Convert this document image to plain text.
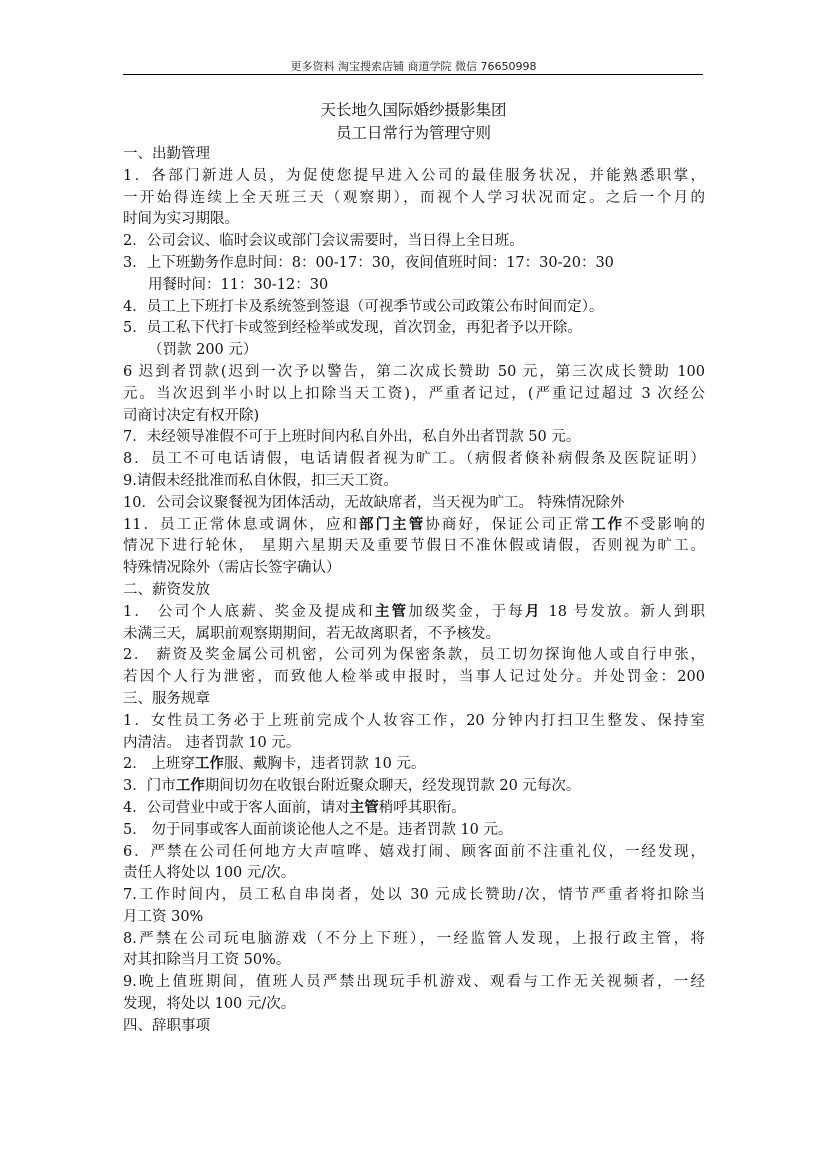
更多资料 淘宝搜索店铺 商道学院 微信 76650998
天长地久国际婚纱摄影集团
员工日常行为管理守则
一、出勤管理
1．各部门新进人员，为促使您提早进入公司的最佳服务状况，并能熟悉职掌，
一开始得连续上全天班三天（观察期），而视个人学习状况而定。之后一个月的
时间为实习期限。
2．公司会议、临时会议或部门会议需要时，当日得上全日班。
3．上下班勤务作息时间：8：00-17：30，夜间值班时间：17：30-20：30
用餐时间：11：30-12：30
4．员工上下班打卡及系统签到签退（可视季节或公司政策公布时间而定）。
5．员工私下代打卡或签到经检举或发现，首次罚金，再犯者予以开除。
（罚款 200 元）
6 迟到者罚款(迟到一次予以警告，第二次成长赞助 50 元，第三次成长赞助 100
元。当次迟到半小时以上扣除当天工资)，严重者记过，(严重记过超过 3 次经公
司商讨决定有权开除)
7．未经领导准假不可于上班时间内私自外出，私自外出者罚款 50 元。
8．员工不可电话请假，电话请假者视为旷工。（病假者倏补病假条及医院证明）
9.请假未经批准而私自休假，扣三天工资。
10．公司会议聚餐视为团体活动，无故缺席者，当天视为旷工。 特殊情况除外
11．员工正常休息或调休，应和部门主管协商好，保证公司正常工作不受影响的
情况下进行轮休， 星期六星期天及重要节假日不准休假或请假，否则视为旷工。
特殊情况除外（需店长签字确认）
二、薪资发放
1． 公司个人底薪、奖金及提成和主管加级奖金，于每月 18 号发放。新人到职
未满三天，属职前观察期期间，若无故离职者，不予核发。
2． 薪资及奖金属公司机密，公司列为保密条款，员工切勿探询他人或自行申张，
若因个人行为泄密，而致他人检举或申报时，当事人记过处分。并处罚金：200
三、服务规章
1．女性员工务必于上班前完成个人妆容工作，20 分钟内打扫卫生整发、保持室
内清洁。 违者罚款 10 元。
2． 上班穿工作服、戴胸卡，违者罚款 10 元。
3．门市工作期间切勿在收银台附近聚众聊天，经发现罚款 20 元每次。
4．公司营业中或于客人面前，请对主管稍呼其职衔。
5． 勿于同事或客人面前谈论他人之不是。违者罚款 10 元。
6．严禁在公司任何地方大声喧哗、嬉戏打闹、顾客面前不注重礼仪，一经发现，
责任人将处以 100 元/次。
7.工作时间内，员工私自串岗者，处以 30 元成长赞助/次，情节严重者将扣除当
月工资 30%
8.严禁在公司玩电脑游戏（不分上下班），一经监管人发现，上报行政主管，将
对其扣除当月工资 50%。
9.晚上值班期间，值班人员严禁出现玩手机游戏、观看与工作无关视频者，一经
发现，将处以 100 元/次。
四、辞职事项
